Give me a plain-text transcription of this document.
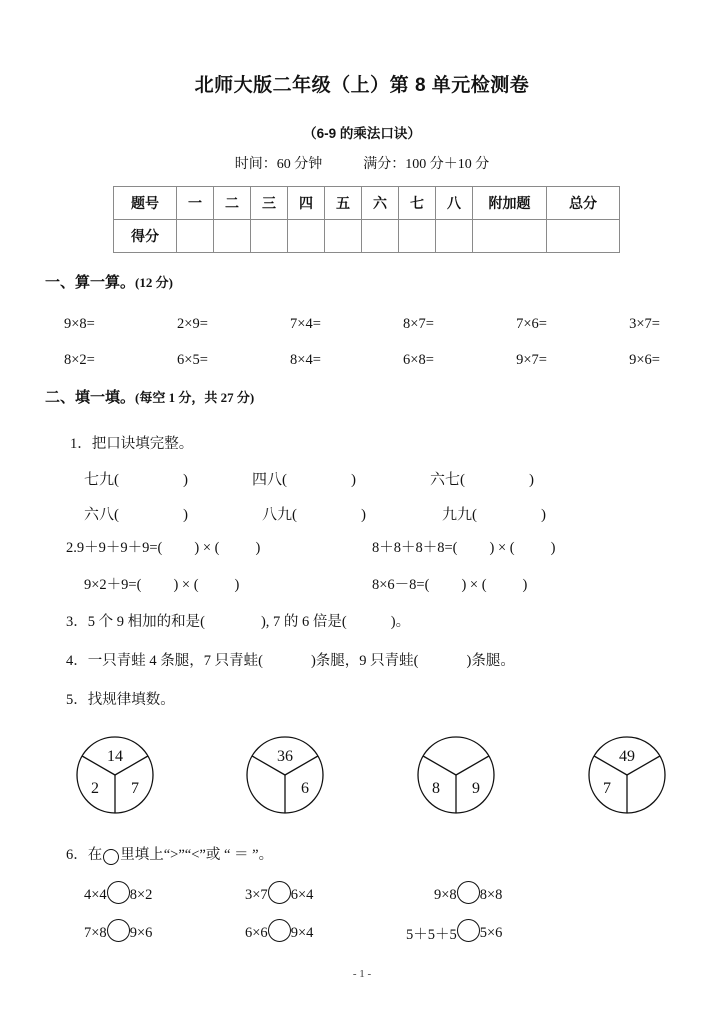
北师大版二年级（上）第 8 单元检测卷
（6-9 的乘法口诀）
时间：60 分钟	满分：100 分＋10 分
题号	一	二	三	四	五	六	七	八	附加题	总分
得分										
一、算一算。(12 分)
9×8=	2×9=	7×4=	8×7=	7×6=	3×7=
8×2=	6×5=	8×4=	6×8=	9×7=	9×6=
二、填一填。(每空 1 分，共 27 分)
1．把口诀填完整。
七九(	)	四八(	)	六七(	)
六八(	)	八九(	)	九九(	)
2.9＋9＋9＋9=( ) × ( )	8＋8＋8＋8=( ) × ( )
9×2＋9=( ) × ( )	8×6－8=( ) × ( )
3．5 个 9 相加的和是(	), 7 的 6 倍是(	)。
4．一只青蛙 4 条腿，7 只青蛙(	)条腿，9 只青蛙(	)条腿。
5．找规律填数。
14
2	7
36
6	8	9
49
7
6．在 里填上“>”“<”或 “ ＝ ”。
4×4 8×2	3×7 6×4	9×8 8×8
7×8 9×6	6×6 9×4	5＋5＋5 5×6
- 1 -
